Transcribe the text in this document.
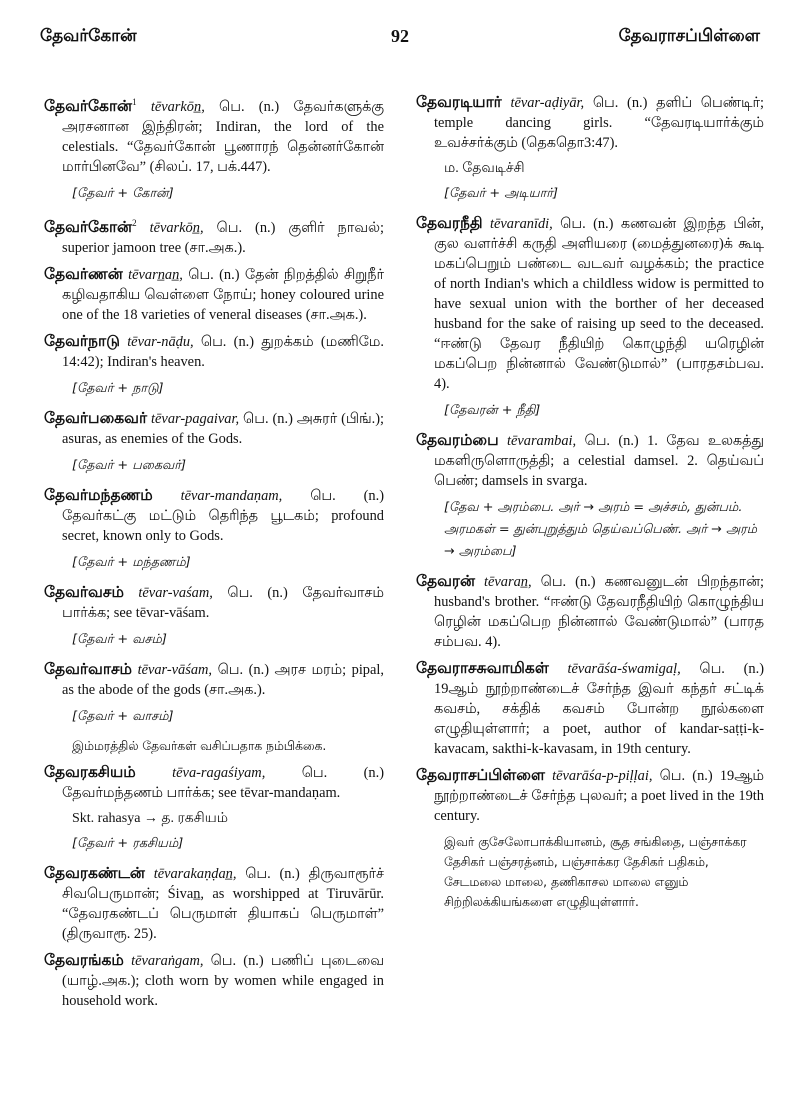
தேவர்கோன்	92	தேவராசப்பிள்ளை
தேவர்கோன்$^1$ tēvarkōn̲, பெ. (n.) தேவர்களுக்கு அரசனான இந்திரன்; Indiran, the lord of the celestials. “தேவர்கோன் பூணாரந் தென்னர்கோன் மார்பினவே” (சிலப். 17, பக்.447).
[தேவர் + கோன்]
தேவர்கோன்$^2$ tēvarkōn̲, பெ. (n.) குளிர் நாவல்; superior jamoon tree (சா.அக.).
தேவர்ணன் tēvarn̲an̲, பெ. (n.) தேன் நிறத்தில் சிறுநீர் கழிவதாகிய வெள்ளை நோய்; honey coloured urine one of the 18 varieties of veneral diseases (சா.அக.).
தேவர்நாடு tēvar-nāḍu, பெ. (n.) துறக்கம் (மணிமே. 14:42); Indiran's heaven.
[தேவர் + நாடு]
தேவர்பகைவர் tēvar-pagaivar, பெ. (n.) அசுரர் (பிங்.); asuras, as enemies of the Gods.
[தேவர் + பகைவர்]
தேவர்மந்தணம் tēvar-mandaṇam, பெ. (n.) தேவர்கட்கு மட்டும் தெரிந்த பூடகம்; profound secret, known only to Gods.
[தேவர் + மந்தணம்]
தேவர்வசம் tēvar-vaśam, பெ. (n.) தேவர்வாசம் பார்க்க; see tēvar-vāśam.
[தேவர் + வசம்]
தேவர்வாசம் tēvar-vāśam, பெ. (n.) அரச மரம்; pipal, as the abode of the gods (சா.அக.).
[தேவர் + வாசம்]
இம்மரத்தில் தேவர்கள் வசிப்பதாக நம்பிக்கை.
தேவரகசியம்	tēva-ragaśiyam, பெ. (n.) தேவர்மந்தணம் பார்க்க; see tēvar-mandaṇam.
Skt. rahasya → த. ரகசியம்
[தேவர் + ரகசியம்]
தேவரகண்டன் tēvarakaṇḍan̲, பெ. (n.) திருவாரூர்ச் சிவபெருமான்; Śivan̲, as worshipped at Tiruvārūr. “தேவரகண்டப் பெருமாள் தியாகப் பெருமாள்” (திருவாரூ. 25).
தேவரங்கம் tēvaraṅgam, பெ. (n.) பணிப் புடைவை (யாழ்.அக.); cloth worn by women while engaged in household work.
தேவரடியார் tēvar-aḍiyār, பெ. (n.) தளிப் பெண்டிர்; temple dancing girls. “தேவரடியார்க்கும் உவச்சர்க்கும் (தெகதொ3:47).
ம. தேவடிச்சி
[தேவர் + அடியார்]
தேவரநீதி tēvaranīdi, பெ. (n.) கணவன் இறந்த பின், குல வளர்ச்சி கருதி அளியரை (மைத்துனரை)க் கூடி மகப்பெறும் பண்டை வடவர் வழக்கம்; the practice of north Indian's which a childless widow is permitted to have sexual union with the borther of her deceased husband for the sake of raising up seed to the deceased. “ஈண்டு தேவர நீதியிற் கொழுந்தி யரெழின் மகப்பெற நின்னால் வேண்டுமால்” (பாரதசம்பவ. 4).
[தேவரன் + நீதி]
தேவரம்பை tēvarambai, பெ. (n.) 1. தேவ உலகத்து மகளிருளொருத்தி; a celestial damsel. 2. தெய்வப் பெண்; damsels in svarga.
[தேவ + அரம்பை. அர் → அரம் = அச்சம், துன்பம். அரமகள் = துன்புறுத்தும் தெய்வப்பெண். அர் → அரம் → அரம்பை]
தேவரன் tēvaran̲, பெ. (n.) கணவனுடன் பிறந்தான்; husband's brother. “ஈண்டு தேவரநீதியிற் கொழுந்திய ரெழின் மகப்பெற நின்னால் வேண்டுமால்” (பாரத சம்பவ. 4).
தேவராசசுவாமிகள் tēvarāśa-śwamigaḷ, பெ. (n.) 19ஆம் நூற்றாண்டைச் சேர்ந்த இவர் கந்தர் சட்டிக் கவசம், சக்திக் கவசம் போன்ற நூல்களை எழுதியுள்ளார்; a poet, author of kandar-saṭṭi-k-kavacam, sakthi-k-kavasam, in 19th century.
தேவராசப்பிள்ளை tēvarāśa-p-piḷḷai, பெ. (n.) 19ஆம் நூற்றாண்டைச் சேர்ந்த புலவர்; a poet lived in the 19th century.
இவர் குசேலோபாக்கியானம், சூத சங்கிதை, பஞ்சாக்கர தேசிகர் பஞ்சரத்னம், பஞ்சாக்கர தேசிகர் பதிகம், சேடமலை மாலை, தணிகாசல மாலை எனும் சிற்றிலக்கியங்களை எழுதியுள்ளார்.
